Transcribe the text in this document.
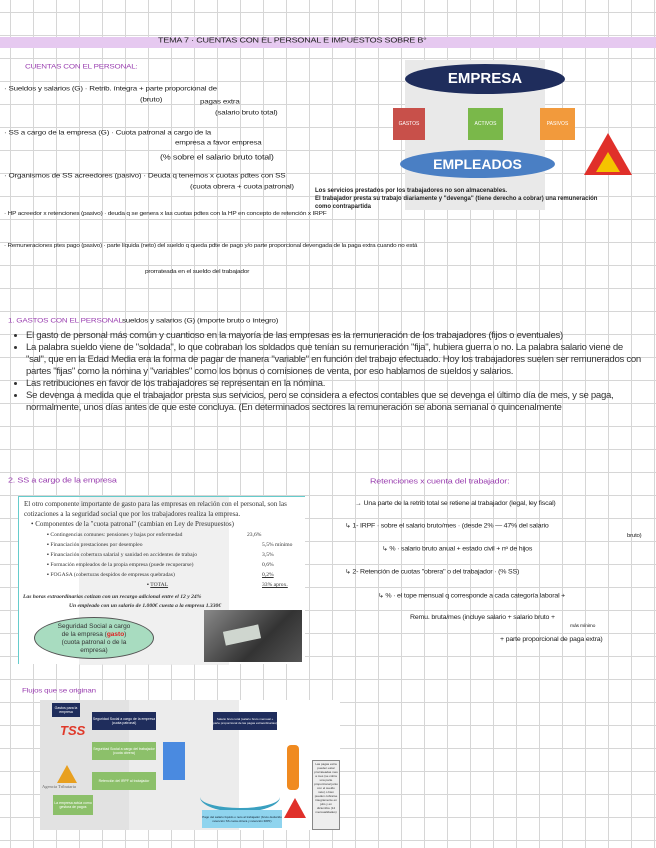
TEMA 7 · CUENTAS CON EL PERSONAL E IMPUESTOS SOBRE B°
CUENTAS CON EL PERSONAL:
· Sueldos y salarios (G) · Retrib. íntegra + parte proporcional de
(bruto)	pagas extra
(salario bruto total)
· SS a cargo de la empresa (G) · Cuota patronal a cargo de la
empresa a favor empresa
(% sobre el salario bruto total)
· Organismos de SS acreedores (pasivo) · Deuda q tenemos x cuotas pdtes con SS
(cuota obrera + cuota patronal)
· HP acreedor x retenciones (pasivo) · deuda q se genera x las cuotas pdtes con la HP en concepto de retención x IRPF
· Remuneraciones ptes pago (pasivo) · parte líquida (neto) del sueldo q queda pdte de pago y/o parte proporcional devengada de la paga extra cuando no está
prorrateada en el sueldo del trabajador
EMPRESA
GASTOS	ACTIVOS	PASIVOS
EMPLEADOS
Los servicios prestados por los trabajadores no son almacenables.
El trabajador presta su trabajo diariamente y "devenga" (tiene derecho a cobrar) una remuneración
como contrapartida
1. GASTOS CON EL PERSONAL:
sueldos y salarios (G) (importe bruto o íntegro)
• El gasto de personal más común y cuantioso en la mayoría de las empresas es la remuneración de los trabajadores (fijos o eventuales)
• La palabra sueldo viene de "soldada", lo que cobraban los soldados que tenían su remuneración "fija", hubiera guerra o no. La palabra salario viene de "sal", que en la Edad Media era la forma de pagar de manera "variable" en función del trabajo efectuado. Hoy los trabajadores suelen ser remunerados con partes "fijas" como la nómina y "variables" como los bonus o comisiones de venta, por eso hablamos de sueldos y salarios.
• Las retribuciones en favor de los trabajadores se representan en la nómina.
• Se devenga a medida que el trabajador presta sus servicios, pero se considera a efectos contables que se devenga el último día de mes, y se paga, normalmente, unos días antes de que este concluya. (En determinados sectores la remuneración se abona semanal o quincenalmente
2. SS a cargo de la empresa
El otro componente importante de gasto para las empresas en relación con el personal, son las cotizaciones a la seguridad social que por los trabajadores realiza la empresa.
• Componentes de la "cuota patronal" (cambian en Ley de Presupuestos)
▪ Contingencias comunes: pensiones y bajas por enfermedad	23,6%
▪ Financiación prestaciones por desempleo	5,5% mínimo
▪ Financiación cobertura salarial y sanidad en accidentes de trabajo	3,5%
▪ Formación empleados de la propia empresa (puede recuperarse)	0,6%
▪ FOGASA (coberturas despidos de empresas quebradas)	0,2%
▪ TOTAL	33% aprox.
Las horas extraordinarias cotizan con un recargo adicional entre el 12 y 24%
Un empleado con un salario de 1.000€ cuesta a la empresa 1.330€
Seguridad Social a cargo
de la empresa (gasto)
(cuota patronal o de la
empresa)
Retenciones x cuenta del trabajador:
→ Una parte de la retrib total se retiene al trabajador (legal, ley fiscal)
↳ 1- IRPF · sobre el salario bruto/mes · (desde 2% — 47% del salario
bruto)
↳ % · salario bruto anual + estado civil + nº de hijos
↳ 2- Retención de cuotas "obrera" o del trabajador · (% SS)
↳ % · el tope mensual q corresponde a cada categoría laboral +
Remu. bruta/mes (incluye salario + salario bruto +
más mínimo
+ parte proporcional de paga extra)
Flujos que se originan
Gastos para la empresa
TSS
Seguridad Social a cargo de la empresa (cuota patronal)
Seguridad Social a cargo del trabajador (cuota obrera)
Retención del IRPF al trabajador
Agencia Tributaria
La empresa actúa como gestora de pagos
Salario bruto total (salario bruto mensual + parte proporcional de las pagas extraordinarias)
Pago del salario líquido o neto al trabajador (bruto deducido retención SS cuota obrera y retención IRPF)
Las pagas extra pueden estar prorrateadas mes a mes (se cobra una parte proporcional junto con el sueldo neto) o bien pueden cobrarse íntegramente en julio y en diciembre (14 mensualidades)
